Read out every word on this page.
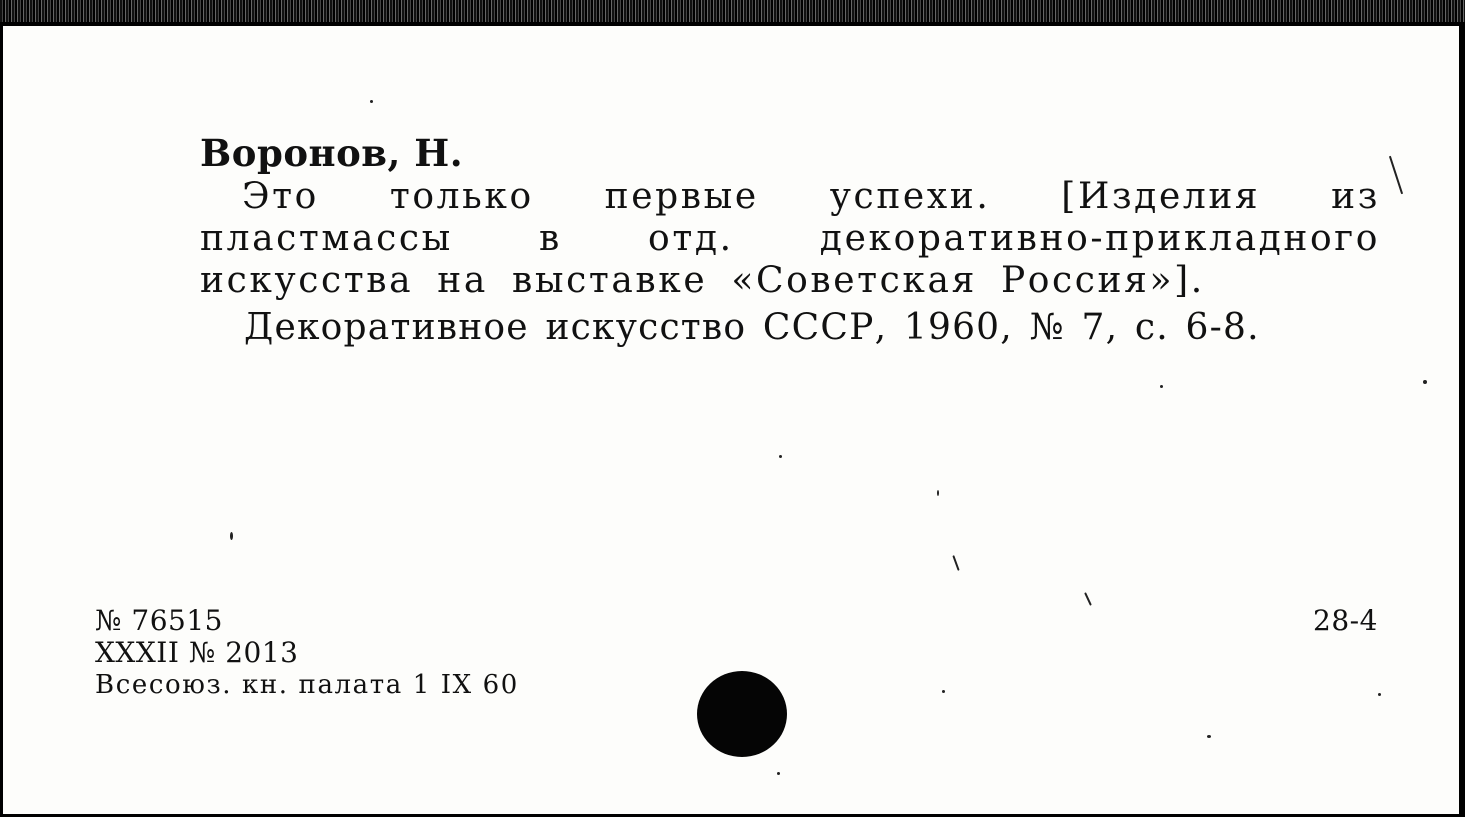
Воронов, Н.

Это только первые успехи. [Изделия из пластмассы в отд. декоративно-прикладного искусства на выставке «Советская Россия»].

Декоративное искусство СССР, 1960, № 7, с. 6-8.

№ 76515

XXXII № 2013

Всесоюз. кн. палата 1 IX 60

28-4
